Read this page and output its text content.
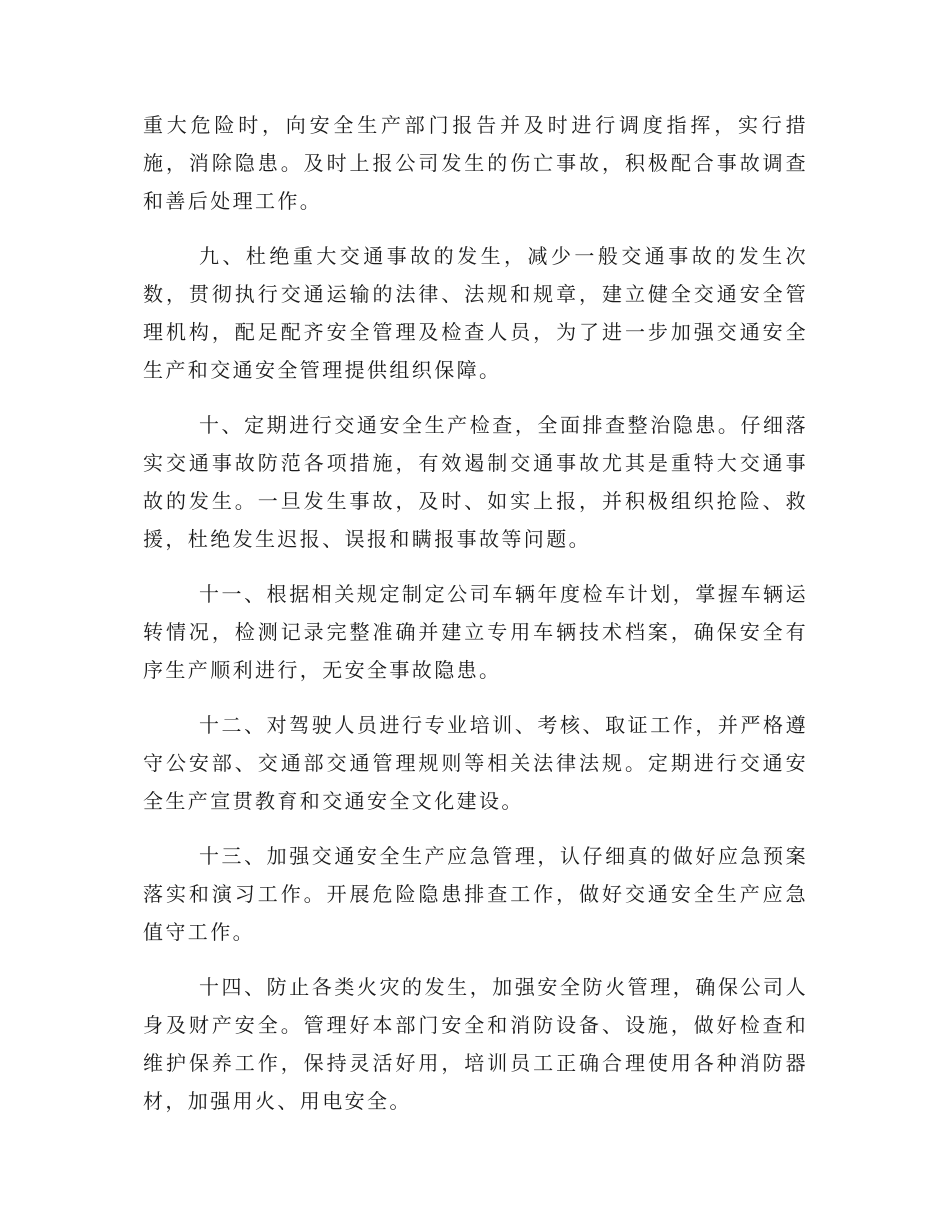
重大危险时，向安全生产部门报告并及时进行调度指挥，实行措施，消除隐患。及时上报公司发生的伤亡事故，积极配合事故调查和善后处理工作。

九、杜绝重大交通事故的发生，减少一般交通事故的发生次数，贯彻执行交通运输的法律、法规和规章，建立健全交通安全管理机构，配足配齐安全管理及检查人员，为了进一步加强交通安全生产和交通安全管理提供组织保障。

十、定期进行交通安全生产检查，全面排查整治隐患。仔细落实交通事故防范各项措施，有效遏制交通事故尤其是重特大交通事故的发生。一旦发生事故，及时、如实上报，并积极组织抢险、救援，杜绝发生迟报、误报和瞒报事故等问题。

十一、根据相关规定制定公司车辆年度检车计划，掌握车辆运转情况，检测记录完整准确并建立专用车辆技术档案，确保安全有序生产顺利进行，无安全事故隐患。

十二、对驾驶人员进行专业培训、考核、取证工作，并严格遵守公安部、交通部交通管理规则等相关法律法规。定期进行交通安全生产宣贯教育和交通安全文化建设。

十三、加强交通安全生产应急管理，认仔细真的做好应急预案落实和演习工作。开展危险隐患排查工作，做好交通安全生产应急值守工作。

十四、防止各类火灾的发生，加强安全防火管理，确保公司人身及财产安全。管理好本部门安全和消防设备、设施，做好检查和维护保养工作，保持灵活好用，培训员工正确合理使用各种消防器材，加强用火、用电安全。
